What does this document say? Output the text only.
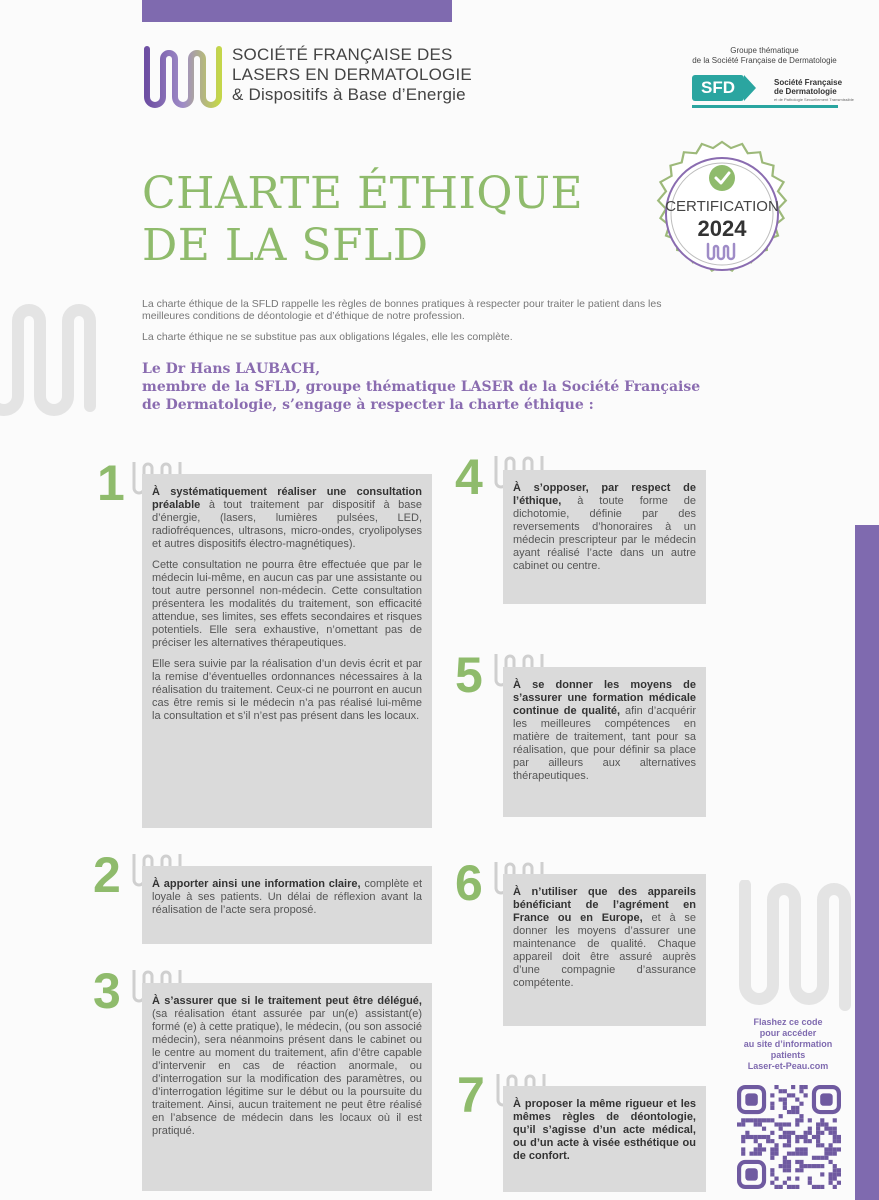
SOCIÉTÉ FRANÇAISE DES
LASERS EN DERMATOLOGIE
& Dispositifs à Base d’Energie
Groupe thématique
de la Société Française de Dermatologie
SFD	Société Française
de Dermatologie
et de Pathologie Sexuellement Transmissible
CHARTE ÉTHIQUE
DE LA SFLD
CERTIFICATION
2024

La charte éthique de la SFLD rappelle les règles de bonnes pratiques à respecter pour traiter le patient dans les meilleures conditions de déontologie et d’éthique de notre profession.

La charte éthique ne se substitue pas aux obligations légales, elle les complète.

Le Dr Hans LAUBACH,
membre de la SFLD, groupe thématique LASER de la Société Française
de Dermatologie, s’engage à respecter la charte éthique :
1 À systématiquement réaliser une consultation préalable à tout traitement par dispositif à base d’énergie, (lasers, lumières pulsées, LED, radiofréquences, ultrasons, micro-ondes, cryolipolyses et autres dispositifs électro-magnétiques).

Cette consultation ne pourra être effectuée que par le médecin lui-même, en aucun cas par une assistante ou tout autre personnel non-médecin. Cette consultation présentera les modalités du traitement, son efficacité attendue, ses limites, ses effets secondaires et risques potentiels. Elle sera exhaustive, n’omettant pas de préciser les alternatives thérapeutiques.

Elle sera suivie par la réalisation d’un devis écrit et par la remise d’éventuelles ordonnances nécessaires à la réalisation du traitement. Ceux-ci ne pourront en aucun cas être remis si le médecin n’a pas réalisé lui-même la consultation et s’il n’est pas présent dans les locaux.

2	À apporter ainsi une information claire, complète et loyale à ses patients. Un délai de réflexion avant la réalisation de l’acte sera proposé.

3	À s’assurer que si le traitement peut être délégué, (sa réalisation étant assurée par un(e) assistant(e) formé (e) à cette pratique), le médecin, (ou son associé médecin), sera néanmoins présent dans le cabinet ou le centre au moment du traitement, afin d’être capable d’intervenir en cas de réaction anormale, ou d’interrogation sur la modification des paramètres, ou d’interrogation légitime sur le début ou la poursuite du traitement. Ainsi, aucun traitement ne peut être réalisé en l’absence de médecin dans les locaux où il est pratiqué.

4	À s’opposer, par respect de l’éthique, à toute forme de dichotomie, définie par des reversements d’honoraires à un médecin prescripteur par le médecin ayant réalisé l’acte dans un autre cabinet ou centre.

5	À se donner les moyens de s’assurer une formation médicale continue de qualité, afin d’acquérir les meilleures compétences en matière de traitement, tant pour sa réalisation, que pour définir sa place par ailleurs aux alternatives thérapeutiques.

6	À n’utiliser que des appareils bénéficiant de l’agrément en France ou en Europe, et à se donner les moyens d’assurer une maintenance de qualité. Chaque appareil doit être assuré auprès d’une compagnie d’assurance compétente.

7	À proposer la même rigueur et les mêmes règles de déontologie, qu’il s’agisse d’un acte médical, ou d’un acte à visée esthétique ou de confort.

Flashez ce code
pour accéder
au site d’information
patients
Laser-et-Peau.com
